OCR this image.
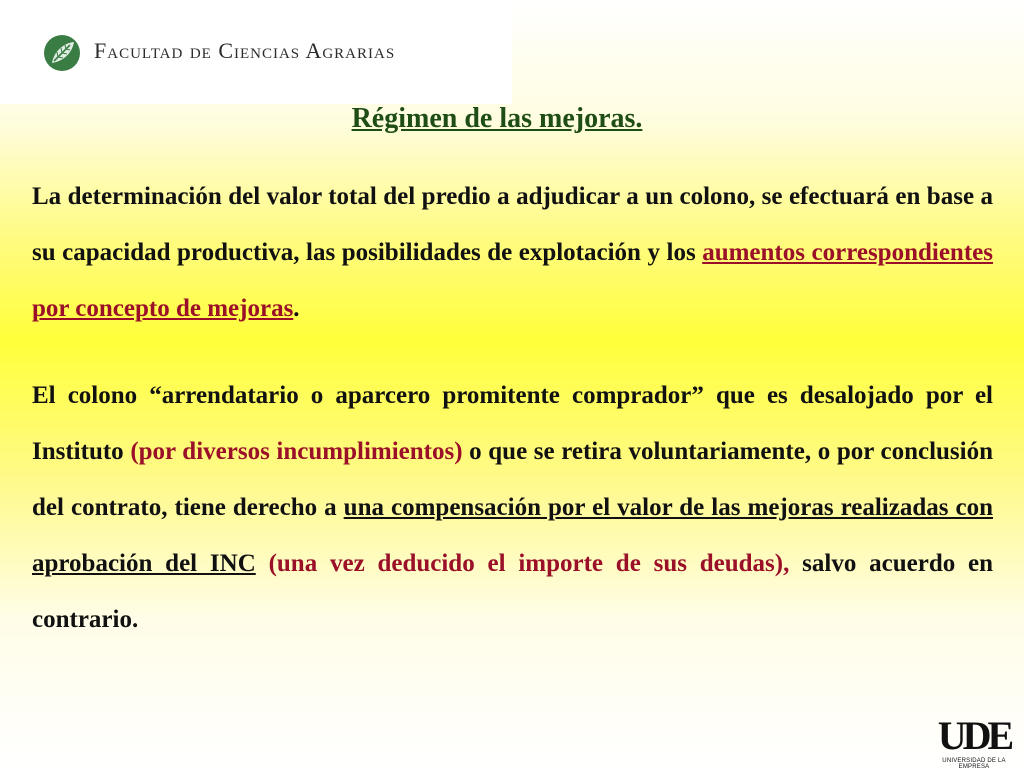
Facultad de Ciencias Agrarias
Régimen de las mejoras.
La determinación del valor total del predio a adjudicar a un colono, se efectuará en base a su capacidad productiva, las posibilidades de explotación y los aumentos correspondientes por concepto de mejoras.
El colono “arrendatario o aparcero promitente comprador” que es desalojado por el Instituto (por diversos incumplimientos) o que se retira voluntariamente, o por conclusión del contrato, tiene derecho a una compensación por el valor de las mejoras realizadas con aprobación del INC (una vez deducido el importe de sus deudas), salvo acuerdo en contrario.
UDE
UNIVERSIDAD DE LA EMPRESA
